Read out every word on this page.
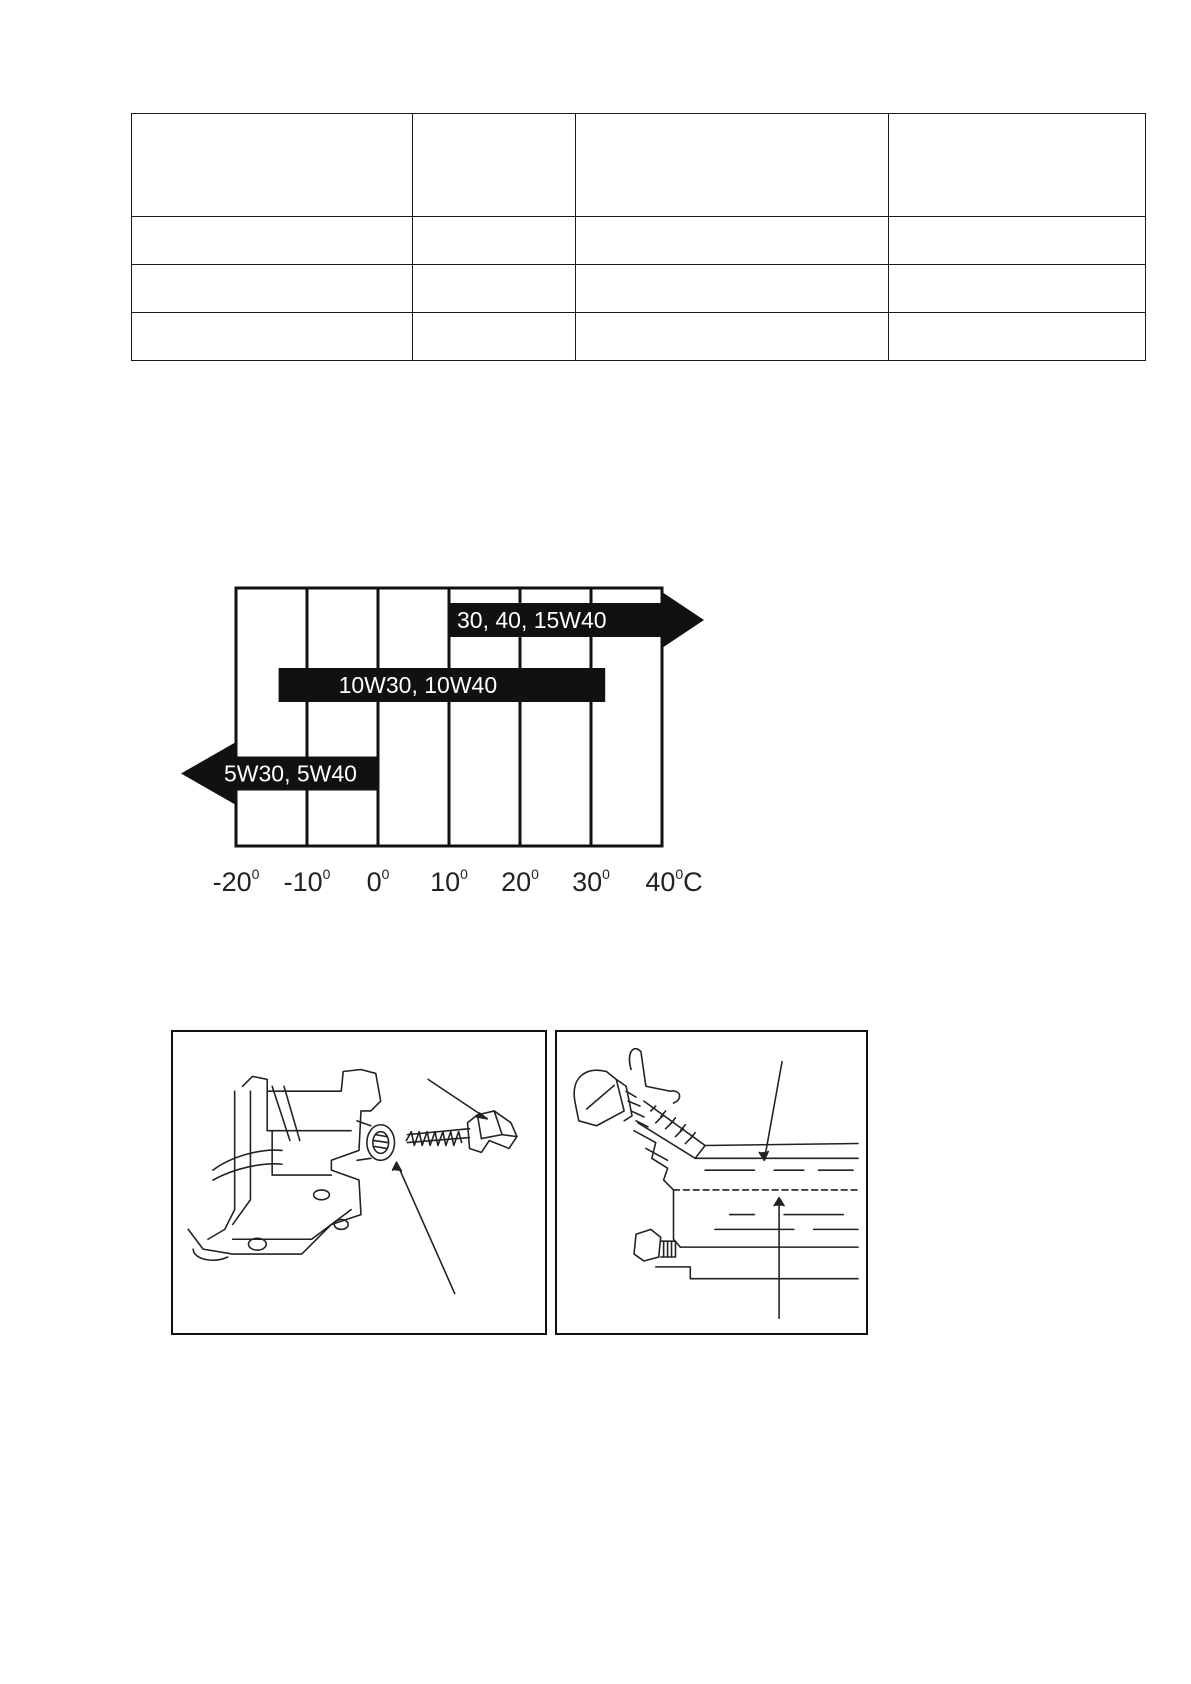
30, 40, 15W40
10W30, 10W40
5W30, 5W40
$-20^0$ $-10^0$ $0^0$ $10^0$ $20^0$ $30^0$ $40^0C$
